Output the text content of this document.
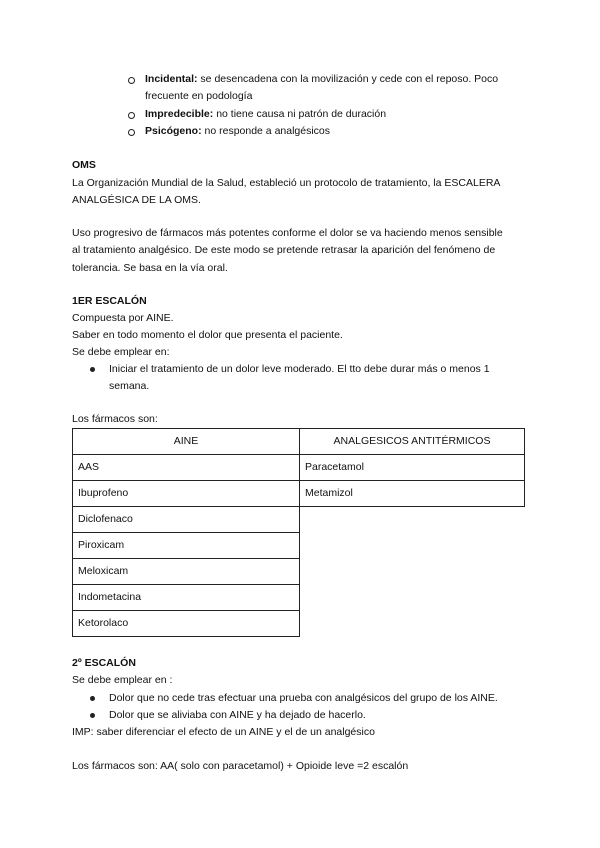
Incidental: se desencadena con la movilización y cede con el reposo. Poco
frecuente en podología
Impredecible: no tiene causa ni patrón de duración
Psicógeno: no responde a analgésicos
OMS
La Organización Mundial de la Salud, estableció un protocolo de tratamiento, la ESCALERA
ANALGÉSICA DE LA OMS.
Uso progresivo de fármacos más potentes conforme el dolor se va haciendo menos sensible
al tratamiento analgésico. De este modo se pretende retrasar la aparición del fenómeno de
tolerancia. Se basa en la vía oral.
1ER ESCALÓN
Compuesta por AINE.
Saber en todo momento el dolor que presenta el paciente.
Se debe emplear en:
Iniciar el tratamiento de un dolor leve moderado. El tto debe durar más o menos 1
semana.
Los fármacos son:
AINE	ANALGESICOS ANTITÉRMICOS
AAS	Paracetamol
Ibuprofeno	Metamizol
Diclofenaco	
Piroxicam	
Meloxicam	
Indometacina	
Ketorolaco	
2º ESCALÓN
Se debe emplear en :
Dolor que no cede tras efectuar una prueba con analgésicos del grupo de los AINE.
Dolor que se aliviaba con AINE y ha dejado de hacerlo.
IMP: saber diferenciar el efecto de un AINE y el de un analgésico
Los fármacos son: AA( solo con paracetamol) + Opioide leve =2 escalón
